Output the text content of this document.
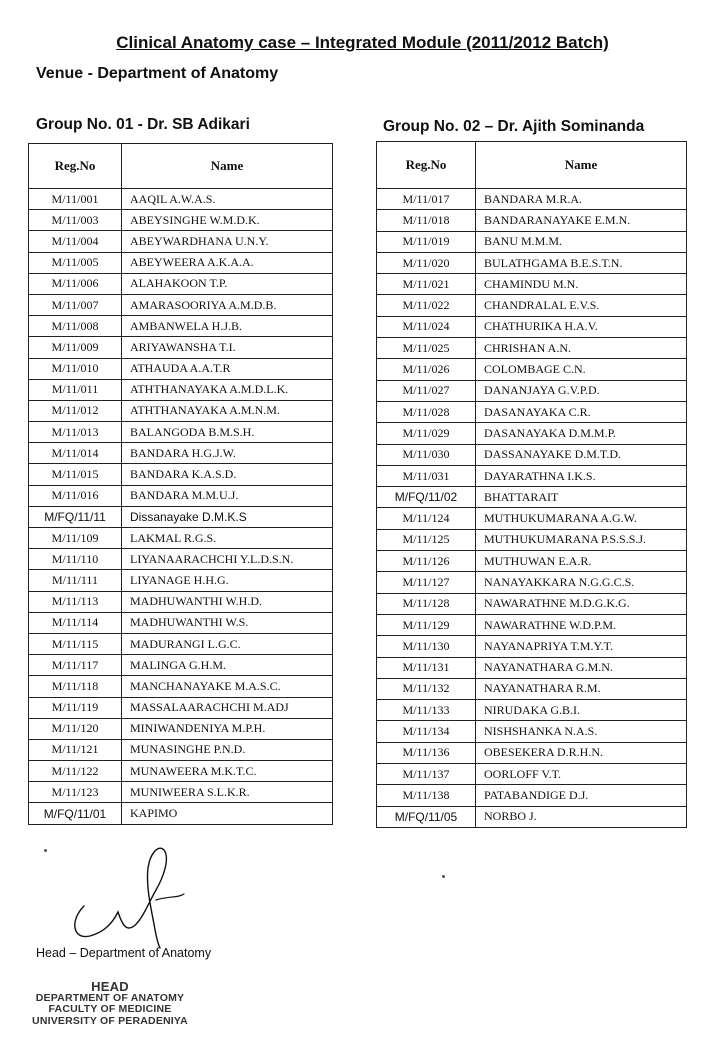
Clinical Anatomy case – Integrated Module (2011/2012 Batch)
Venue - Department of Anatomy
Group No. 01 - Dr. SB Adikari	Group No. 02 – Dr. Ajith Sominanda
Reg.No	Name
M/11/001	AAQIL A.W.A.S.
M/11/003	ABEYSINGHE W.M.D.K.
M/11/004	ABEYWARDHANA U.N.Y.
M/11/005	ABEYWEERA A.K.A.A.
M/11/006	ALAHAKOON T.P.
M/11/007	AMARASOORIYA A.M.D.B.
M/11/008	AMBANWELA H.J.B.
M/11/009	ARIYAWANSHA T.I.
M/11/010	ATHAUDA A.A.T.R
M/11/011	ATHTHANAYAKA A.M.D.L.K.
M/11/012	ATHTHANAYAKA A.M.N.M.
M/11/013	BALANGODA B.M.S.H.
M/11/014	BANDARA H.G.J.W.
M/11/015	BANDARA K.A.S.D.
M/11/016	BANDARA M.M.U.J.
M/FQ/11/11	Dissanayake D.M.K.S
M/11/109	LAKMAL R.G.S.
M/11/110	LIYANAARACHCHI Y.L.D.S.N.
M/11/111	LIYANAGE H.H.G.
M/11/113	MADHUWANTHI W.H.D.
M/11/114	MADHUWANTHI W.S.
M/11/115	MADURANGI L.G.C.
M/11/117	MALINGA G.H.M.
M/11/118	MANCHANAYAKE M.A.S.C.
M/11/119	MASSALAARACHCHI M.ADJ
M/11/120	MINIWANDENIYA M.P.H.
M/11/121	MUNASINGHE P.N.D.
M/11/122	MUNAWEERA M.K.T.C.
M/11/123	MUNIWEERA S.L.K.R.
M/FQ/11/01	KAPIMO
Reg.No	Name
M/11/017	BANDARA M.R.A.
M/11/018	BANDARANAYAKE E.M.N.
M/11/019	BANU M.M.M.
M/11/020	BULATHGAMA B.E.S.T.N.
M/11/021	CHAMINDU M.N.
M/11/022	CHANDRALAL E.V.S.
M/11/024	CHATHURIKA H.A.V.
M/11/025	CHRISHAN A.N.
M/11/026	COLOMBAGE C.N.
M/11/027	DANANJAYA G.V.P.D.
M/11/028	DASANAYAKA C.R.
M/11/029	DASANAYAKA D.M.M.P.
M/11/030	DASSANAYAKE D.M.T.D.
M/11/031	DAYARATHNA I.K.S.
M/FQ/11/02	BHATTARAIT
M/11/124	MUTHUKUMARANA A.G.W.
M/11/125	MUTHUKUMARANA P.S.S.S.J.
M/11/126	MUTHUWAN E.A.R.
M/11/127	NANAYAKKARA N.G.G.C.S.
M/11/128	NAWARATHNE M.D.G.K.G.
M/11/129	NAWARATHNE W.D.P.M.
M/11/130	NAYANAPRIYA T.M.Y.T.
M/11/131	NAYANATHARA G.M.N.
M/11/132	NAYANATHARA R.M.
M/11/133	NIRUDAKA G.B.I.
M/11/134	NISHSHANKA N.A.S.
M/11/136	OBESEKERA D.R.H.N.
M/11/137	OORLOFF V.T.
M/11/138	PATABANDIGE D.J.
M/FQ/11/05	NORBO J.
Head – Department of Anatomy
HEAD
DEPARTMENT OF ANATOMY
FACULTY OF MEDICINE
UNIVERSITY OF PERADENIYA
